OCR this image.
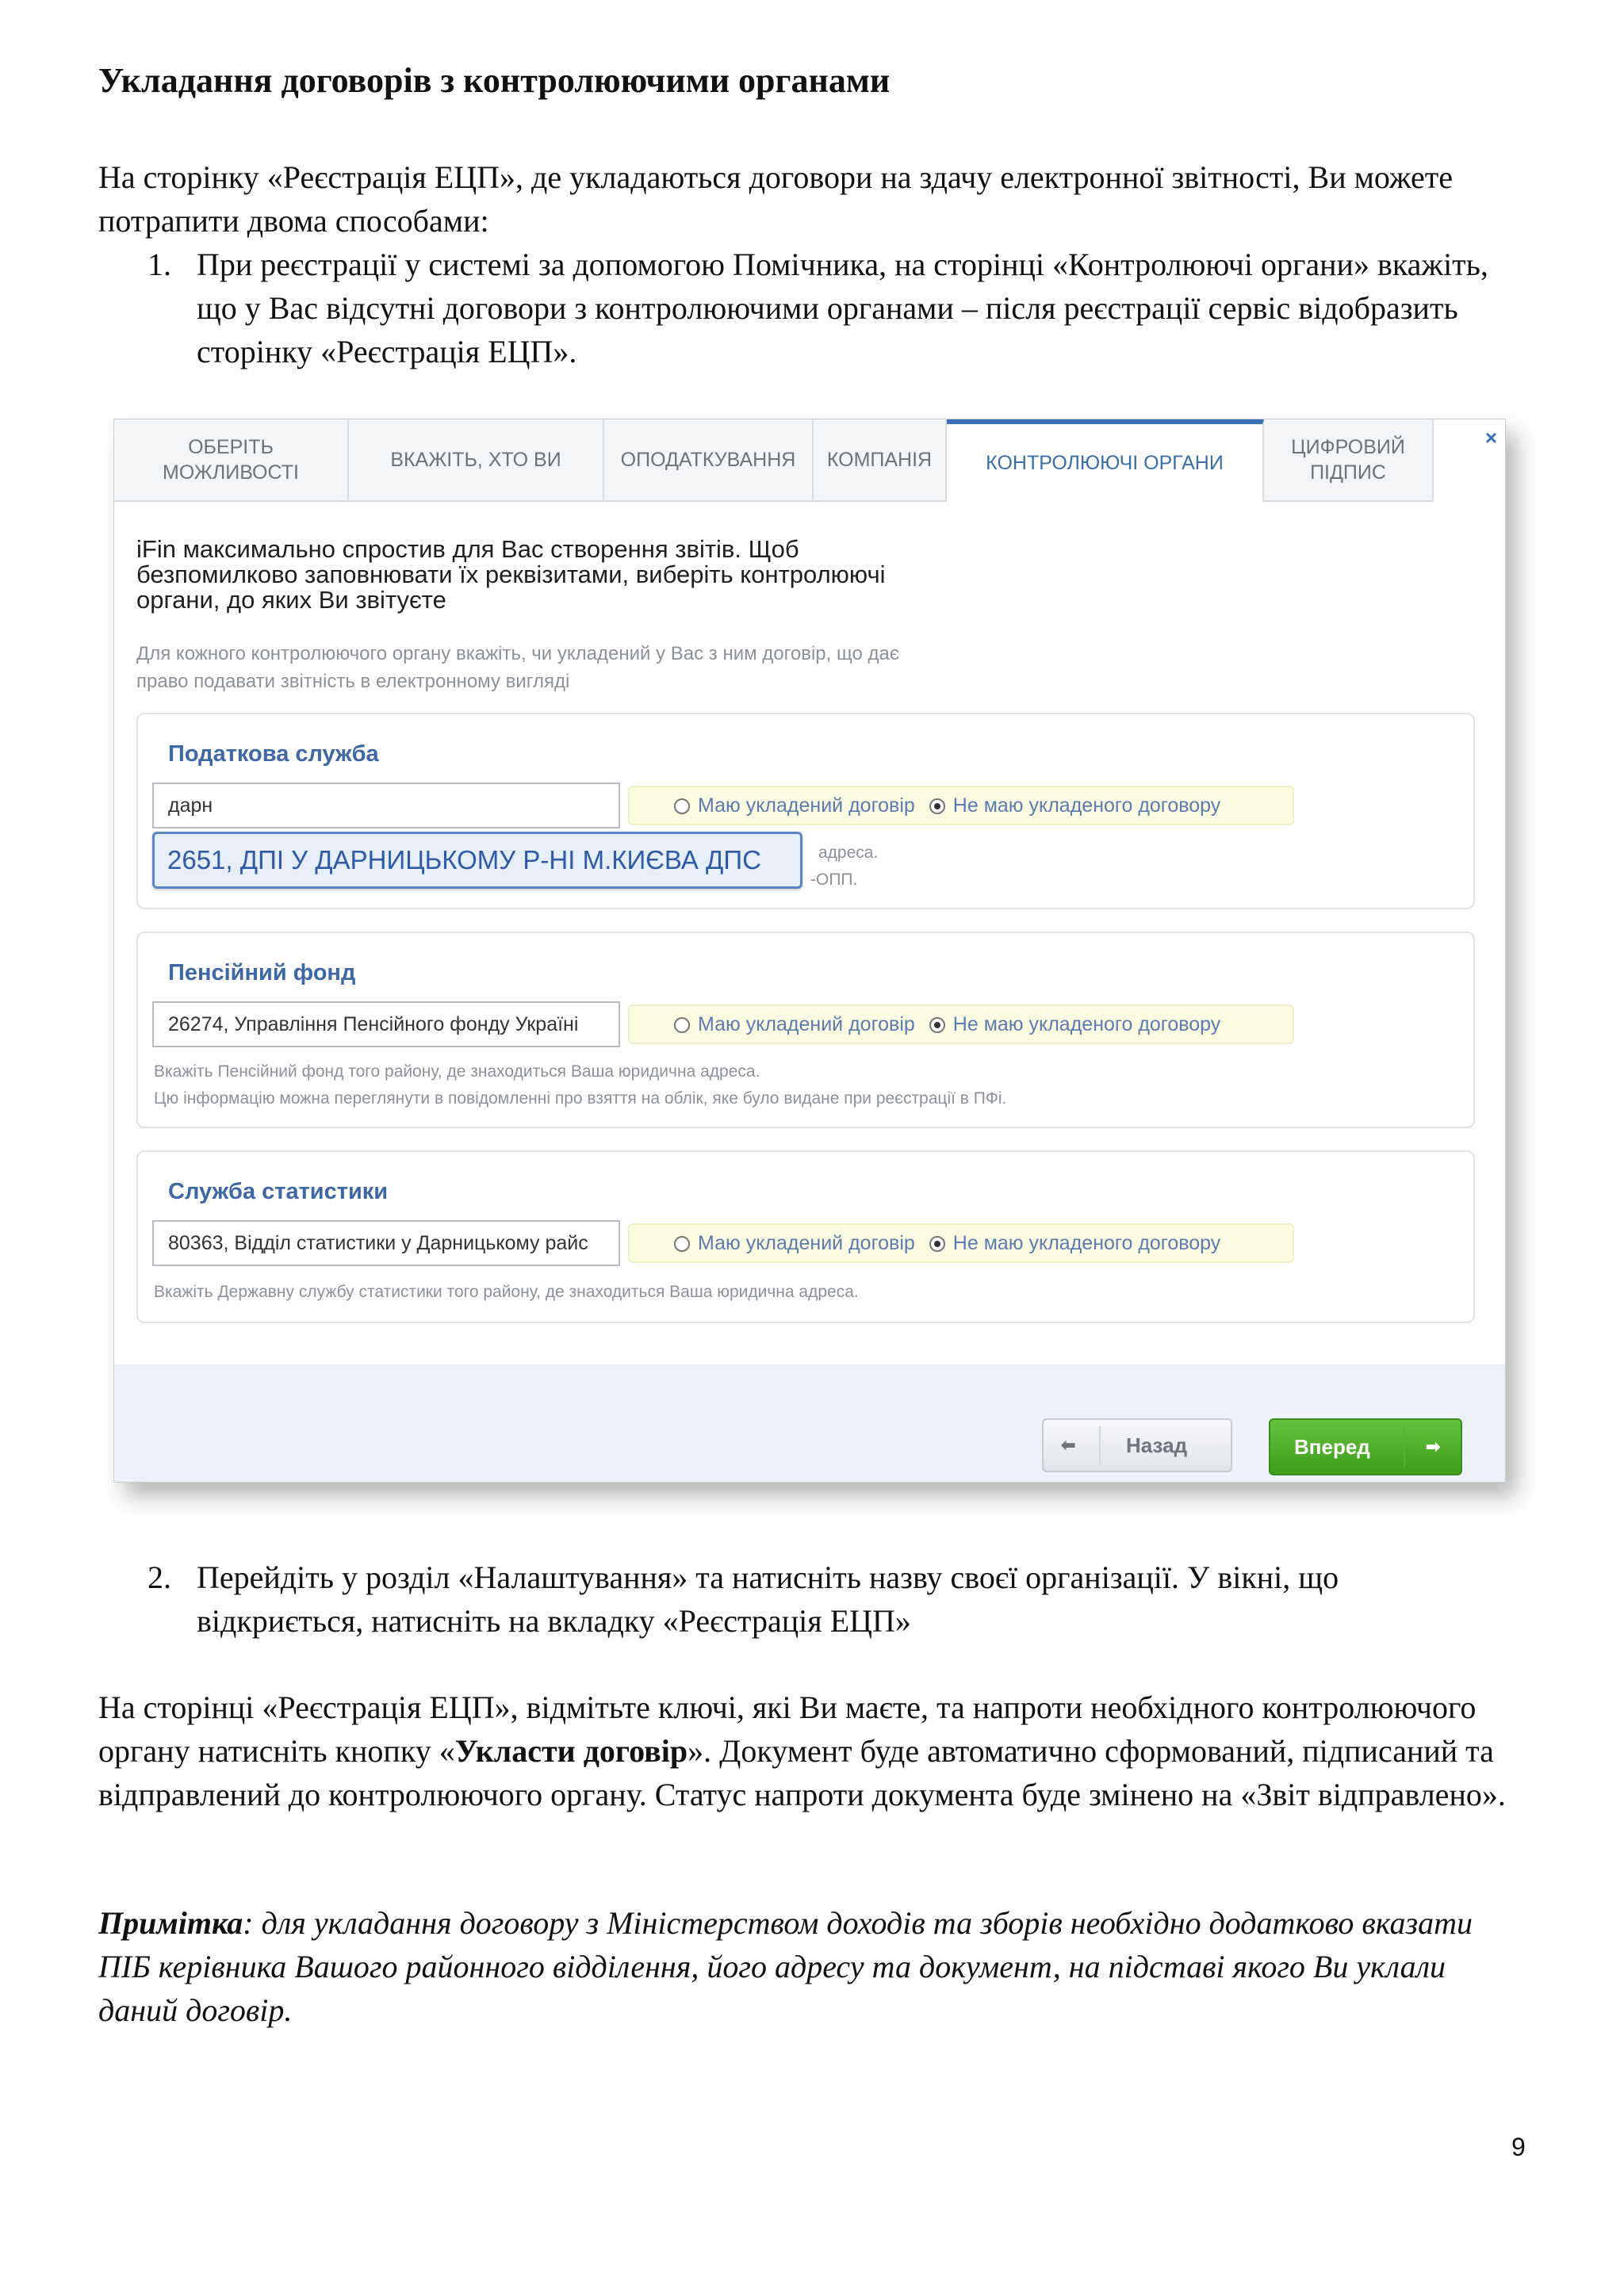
Укладання договорів з контролюючими органами

На сторінку «Реєстрація ЕЦП», де укладаються договори на здачу електронної звітності, Ви можете
потрапити двома способами:

1. При реєстрації у системі за допомогою Помічника, на сторінці «Контролюючі органи» вкажіть, що у Вас відсутні договори з контролюючими органами – після реєстрації сервіс відобразить сторінку «Реєстрація ЕЦП».
ОБЕРІТЬ МОЖЛИВОСТІ
ВКАЖІТЬ, ХТО ВИ	ОПОДАТКУВАННЯ КОМПАНІЯ	КОНТРОЛЮЮЧІ ОРГАНИ
ЦИФРОВИЙ ПІДПИС
×
iFin максимально спростив для Вас створення звітів. Щоб безпомилково заповнювати їх реквізитами, виберіть контролюючі органи, до яких Ви звітуєте
Для кожного контролюючого органу вкажіть, чи укладений у Вас з ним договір, що дає право подавати звітність в електронному вигляді
Податкова служба
дарн	Маю укладений договір Не маю укладеного договору
адреса.
-ОПП.
2651, ДПІ У ДАРНИЦЬКОМУ Р-НІ М.КИЄВА ДПС
Пенсійний фонд
26274, Управління Пенсійного фонду Україні	Маю укладений договір Не маю укладеного договору
Вкажіть Пенсійний фонд того району, де знаходиться Ваша юридична адреса.
Цю інформацію можна переглянути в повідомленні про взяття на облік, яке було видане при реєстрації в ПФі.
Служба статистики
80363, Відділ статистики у Дарницькому райс	Маю укладений договір Не маю укладеного договору
Вкажіть Державну службу статистики того району, де знаходиться Ваша юридична адреса.
⬅ Назад	Вперед	➡
2. Перейдіть у розділ «Налаштування» та натисніть назву своєї організації. У вікні, що відкриється, натисніть на вкладку «Реєстрація ЕЦП»

На сторінці «Реєстрація ЕЦП», відмітьте ключі, які Ви маєте, та напроти необхідного контролюючого органу натисніть кнопку «Укласти договір». Документ буде автоматично сформований, підписаний та відправлений до контролюючого органу. Статус напроти документа буде змінено на «Звіт відправлено».

Примітка: для укладання договору з Міністерством доходів та зборів необхідно додатково вказати ПІБ керівника Вашого районного відділення, його адресу та документ, на підставі якого Ви уклали даний договір.

9
